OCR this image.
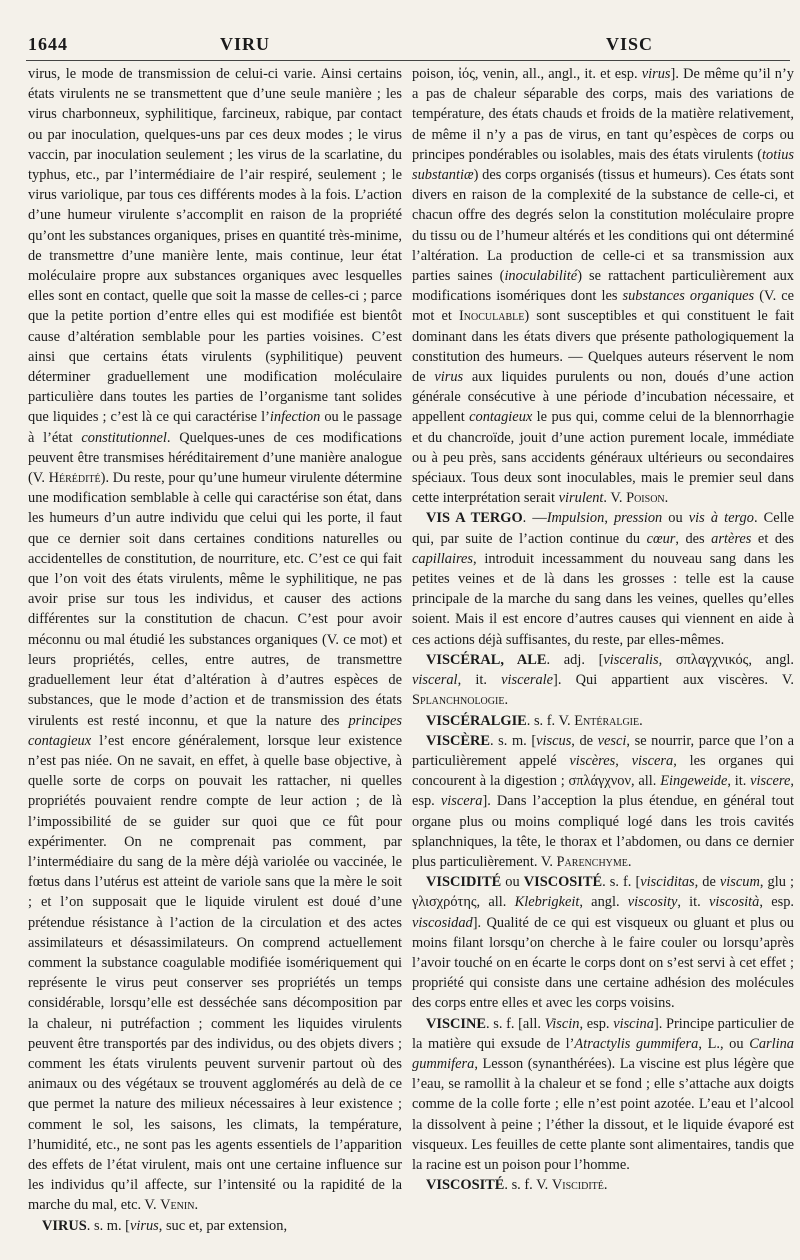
1644	VIRU	VISC

virus, le mode de transmission de celui-ci varie. Ainsi certains états virulents ne se transmettent que d’une seule manière ; les virus charbonneux, syphilitique, farcineux, rabique, par contact ou par inoculation, quelques-uns par ces deux modes ; le virus vaccin, par inoculation seulement ; les virus de la scarlatine, du typhus, etc., par l’intermédiaire de l’air respiré, seulement ; le virus variolique, par tous ces différents modes à la fois. L’action d’une humeur virulente s’accomplit en raison de la propriété qu’ont les substances organiques, prises en quantité très-minime, de transmettre d’une manière lente, mais continue, leur état moléculaire propre aux substances organiques avec lesquelles elles sont en contact, quelle que soit la masse de celles-ci ; parce que la petite portion d’entre elles qui est modifiée est bientôt cause d’altération semblable pour les parties voisines. C’est ainsi que certains états virulents (syphilitique) peuvent déterminer graduellement une modification moléculaire particulière dans toutes les parties de l’organisme tant solides que liquides ; c’est là ce qui caractérise l’infection ou le passage à l’état constitutionnel. Quelques-unes de ces modifications peuvent être transmises héréditairement d’une manière analogue (V. Hérédité). Du reste, pour qu’une humeur virulente détermine une modification semblable à celle qui caractérise son état, dans les humeurs d’un autre individu que celui qui les porte, il faut que ce dernier soit dans certaines conditions naturelles ou accidentelles de constitution, de nourriture, etc. C’est ce qui fait que l’on voit des états virulents, même le syphilitique, ne pas avoir prise sur tous les individus, et causer des actions différentes sur la constitution de chacun. C’est pour avoir méconnu ou mal étudié les substances organiques (V. ce mot) et leurs propriétés, celles, entre autres, de transmettre graduellement leur état d’altération à d’autres espèces de substances, que le mode d’action et de transmission des états virulents est resté inconnu, et que la nature des principes contagieux l’est encore généralement, lorsque leur existence n’est pas niée. On ne savait, en effet, à quelle base objective, à quelle sorte de corps on pouvait les rattacher, ni quelles propriétés pouvaient rendre compte de leur action ; de là l’impossibilité de se guider sur quoi que ce fût pour expérimenter. On ne comprenait pas comment, par l’intermédiaire du sang de la mère déjà variolée ou vaccinée, le fœtus dans l’utérus est atteint de variole sans que la mère le soit ; et l’on supposait que le liquide virulent est doué d’une prétendue résistance à l’action de la circulation et des actes assimilateurs et désassimilateurs. On comprend actuellement comment la substance coagulable modifiée isomériquement qui représente le virus peut conserver ses propriétés un temps considérable, lorsqu’elle est desséchée sans décomposition par la chaleur, ni putréfaction ; comment les liquides virulents peuvent être transportés par des individus, ou des objets divers ; comment les états virulents peuvent survenir partout où des animaux ou des végétaux se trouvent agglomérés au delà de ce que permet la nature des milieux nécessaires à leur existence ; comment le sol, les saisons, les climats, la température, l’humidité, etc., ne sont pas les agents essentiels de l’apparition des effets de l’état virulent, mais ont une certaine influence sur les individus qu’il affecte, sur l’intensité ou la rapidité de la marche du mal, etc. V. Venin.

VIRUS. s. m. [virus, suc et, par extension,

poison, ἰός, venin, all., angl., it. et esp. virus]. De même qu’il n’y a pas de chaleur séparable des corps, mais des variations de température, des états chauds et froids de la matière relativement, de même il n’y a pas de virus, en tant qu’espèces de corps ou principes pondérables ou isolables, mais des états virulents (totius substantiæ) des corps organisés (tissus et humeurs). Ces états sont divers en raison de la complexité de la substance de celle-ci, et chacun offre des degrés selon la constitution moléculaire propre du tissu ou de l’humeur altérés et les conditions qui ont déterminé l’altération. La production de celle-ci et sa transmission aux parties saines (inoculabilité) se rattachent particulièrement aux modifications isomériques dont les substances organiques (V. ce mot et Inoculable) sont susceptibles et qui constituent le fait dominant dans les états divers que présente pathologiquement la constitution des humeurs. — Quelques auteurs réservent le nom de virus aux liquides purulents ou non, doués d’une action générale consécutive à une période d’incubation nécessaire, et appellent contagieux le pus qui, comme celui de la blennorrhagie et du chancroïde, jouit d’une action purement locale, immédiate ou à peu près, sans accidents généraux ultérieurs ou secondaires spéciaux. Tous deux sont inoculables, mais le premier seul dans cette interprétation serait virulent. V. Poison.

VIS A TERGO. —Impulsion, pression ou vis à tergo. Celle qui, par suite de l’action continue du cœur, des artères et des capillaires, introduit incessamment du nouveau sang dans les petites veines et de là dans les grosses : telle est la cause principale de la marche du sang dans les veines, quelles qu’elles soient. Mais il est encore d’autres causes qui viennent en aide à ces actions déjà suffisantes, du reste, par elles-mêmes.

VISCÉRAL, ALE. adj. [visceralis, σπλαγχνικός, angl. visceral, it. viscerale]. Qui appartient aux viscères. V. Splanchnologie.

VISCÉRALGIE. s. f. V. Entéralgie.

VISCÈRE. s. m. [viscus, de vesci, se nourrir, parce que l’on a particulièrement appelé viscères, viscera, les organes qui concourent à la digestion ; σπλάγχνον, all. Eingeweide, it. viscere, esp. viscera]. Dans l’acception la plus étendue, en général tout organe plus ou moins compliqué logé dans les trois cavités splanchniques, la tête, le thorax et l’abdomen, ou dans ce dernier plus particulièrement. V. Parenchyme.

VISCIDITÉ ou VISCOSITÉ. s. f. [visciditas, de viscum, glu ; γλισχρότης, all. Klebrigkeit, angl. viscosity, it. viscosità, esp. viscosidad]. Qualité de ce qui est visqueux ou gluant et plus ou moins filant lorsqu’on cherche à le faire couler ou lorsqu’après l’avoir touché on en écarte le corps dont on s’est servi à cet effet ; propriété qui consiste dans une certaine adhésion des molécules des corps entre elles et avec les corps voisins.

VISCINE. s. f. [all. Viscin, esp. viscina]. Principe particulier de la matière qui exsude de l’Atractylis gummifera, L., ou Carlina gummifera, Lesson (synanthérées). La viscine est plus légère que l’eau, se ramollit à la chaleur et se fond ; elle s’attache aux doigts comme de la colle forte ; elle n’est point azotée. L’eau et l’alcool la dissolvent à peine ; l’éther la dissout, et le liquide évaporé est visqueux. Les feuilles de cette plante sont alimentaires, tandis que la racine est un poison pour l’homme.

VISCOSITÉ. s. f. V. Viscidité.
